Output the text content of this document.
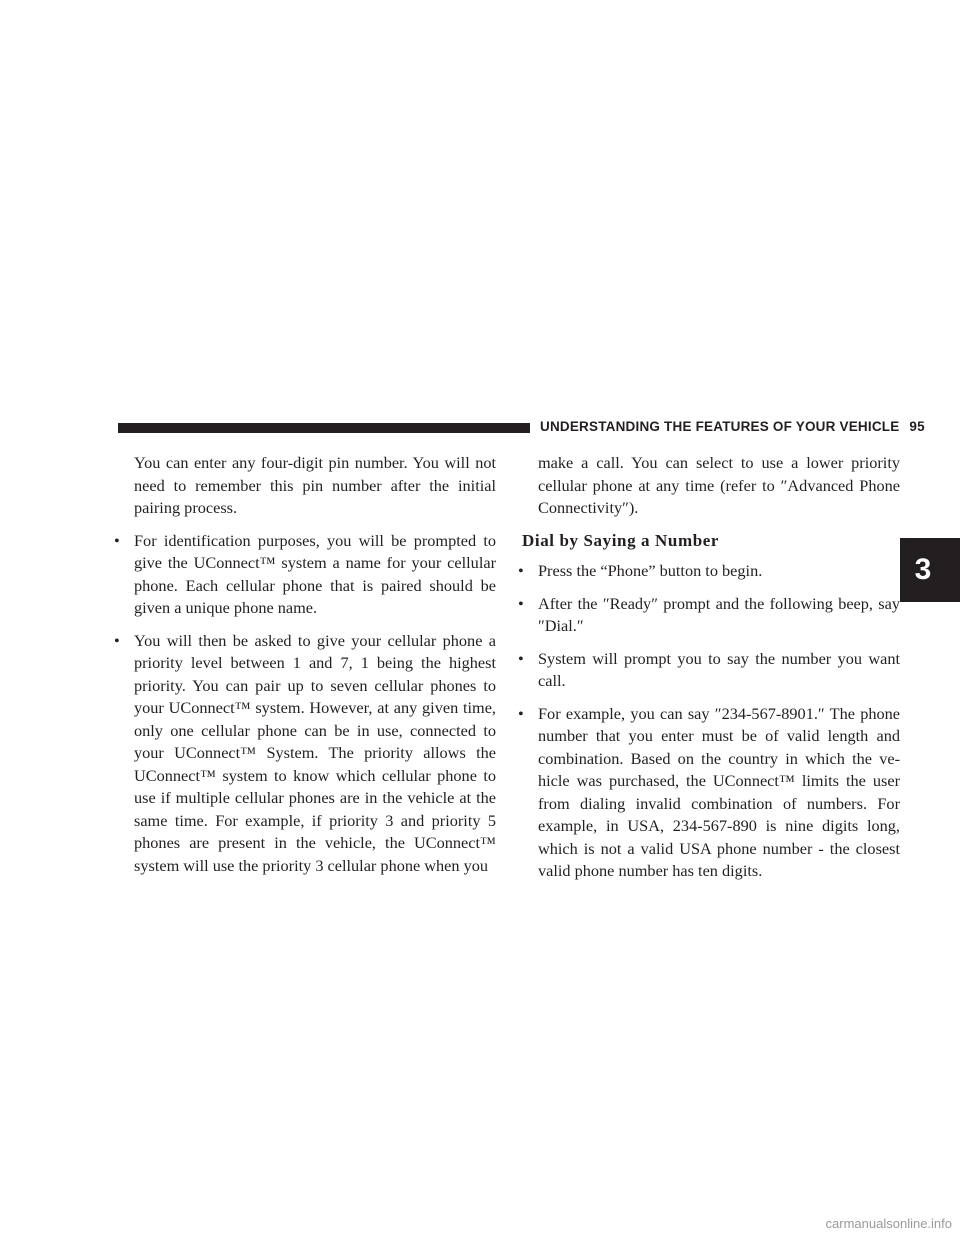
UNDERSTANDING THE FEATURES OF YOUR VEHICLE 95

You can enter any four-digit pin number. You will not need to remember this pin number after the initial pairing process.

• For identification purposes, you will be prompted to give the UConnect™ system a name for your cellular phone. Each cellular phone that is paired should be given a unique phone name.

• You will then be asked to give your cellular phone a priority level between 1 and 7, 1 being the highest priority. You can pair up to seven cellular phones to your UConnect™ system. However, at any given time, only one cellular phone can be in use, connected to your UConnect™ System. The priority allows the UConnect™ system to know which cellular phone to use if multiple cellular phones are in the vehicle at the same time. For example, if priority 3 and priority 5 phones are present in the vehicle, the UConnect™ system will use the priority 3 cellular phone when you

make a call. You can select to use a lower priority cellular phone at any time (refer to ″Advanced Phone Connectivity″).

Dial by Saying a Number

• Press the “Phone” button to begin.

• After the ″Ready″ prompt and the following beep, say ″Dial.″

• System will prompt you to say the number you want call.

• For example, you can say ″234-567-8901.″ The phone number that you enter must be of valid length and combination. Based on the country in which the ve-hicle was purchased, the UConnect™ limits the user from dialing invalid combination of numbers. For example, in USA, 234-567-890 is nine digits long, which is not a valid USA phone number - the closest valid phone number has ten digits.

3
carmanualsonline.info
